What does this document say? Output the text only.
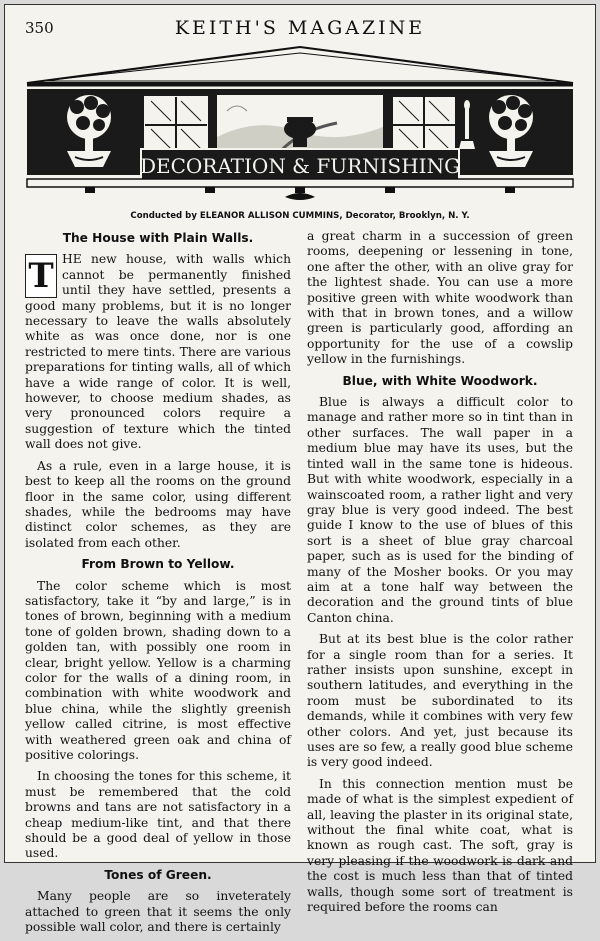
350	KEITH'S MAGAZINE
DECORATION & FURNISHING
Conducted by ELEANOR ALLISON CUMMINS, Decorator, Brooklyn, N. Y.
The House with Plain Walls.

T HE new house, with walls which cannot be permanently finished until they have settled, presents a good many problems, but it is no longer necessary to leave the walls absolutely white as was once done, nor is one restricted to mere tints. There are various preparations for tinting walls, all of which have a wide range of color. It is well, however, to choose medium shades, as very pronounced colors require a suggestion of texture which the tinted wall does not give.

As a rule, even in a large house, it is best to keep all the rooms on the ground floor in the same color, using different shades, while the bedrooms may have distinct color schemes, as they are isolated from each other.

From Brown to Yellow.

The color scheme which is most satisfactory, take it “by and large,” is in tones of brown, beginning with a medium tone of golden brown, shading down to a golden tan, with possibly one room in clear, bright yellow. Yellow is a charming color for the walls of a dining room, in combination with white woodwork and blue china, while the slightly greenish yellow called citrine, is most effective with weathered green oak and china of positive colorings.

In choosing the tones for this scheme, it must be remembered that the cold browns and tans are not satisfactory in a cheap medium-like tint, and that there should be a good deal of yellow in those used.

Tones of Green.

Many people are so inveterately attached to green that it seems the only possible wall color, and there is certainly

a great charm in a succession of green rooms, deepening or lessening in tone, one after the other, with an olive gray for the lightest shade. You can use a more positive green with white woodwork than with that in brown tones, and a willow green is particularly good, affording an opportunity for the use of a cowslip yellow in the furnishings.

Blue, with White Woodwork.

Blue is always a difficult color to manage and rather more so in tint than in other surfaces. The wall paper in a medium blue may have its uses, but the tinted wall in the same tone is hideous. But with white woodwork, especially in a wainscoated room, a rather light and very gray blue is very good indeed. The best guide I know to the use of blues of this sort is a sheet of blue gray charcoal paper, such as is used for the binding of many of the Mosher books. Or you may aim at a tone half way between the decoration and the ground tints of blue Canton china.

But at its best blue is the color rather for a single room than for a series. It rather insists upon sunshine, except in southern latitudes, and everything in the room must be subordinated to its demands, while it combines with very few other colors. And yet, just because its uses are so few, a really good blue scheme is very good indeed.

In this connection mention must be made of what is the simplest expedient of all, leaving the plaster in its original state, without the final white coat, what is known as rough cast. The soft, gray is very pleasing if the woodwork is dark and the cost is much less than that of tinted walls, though some sort of treatment is required before the rooms can
